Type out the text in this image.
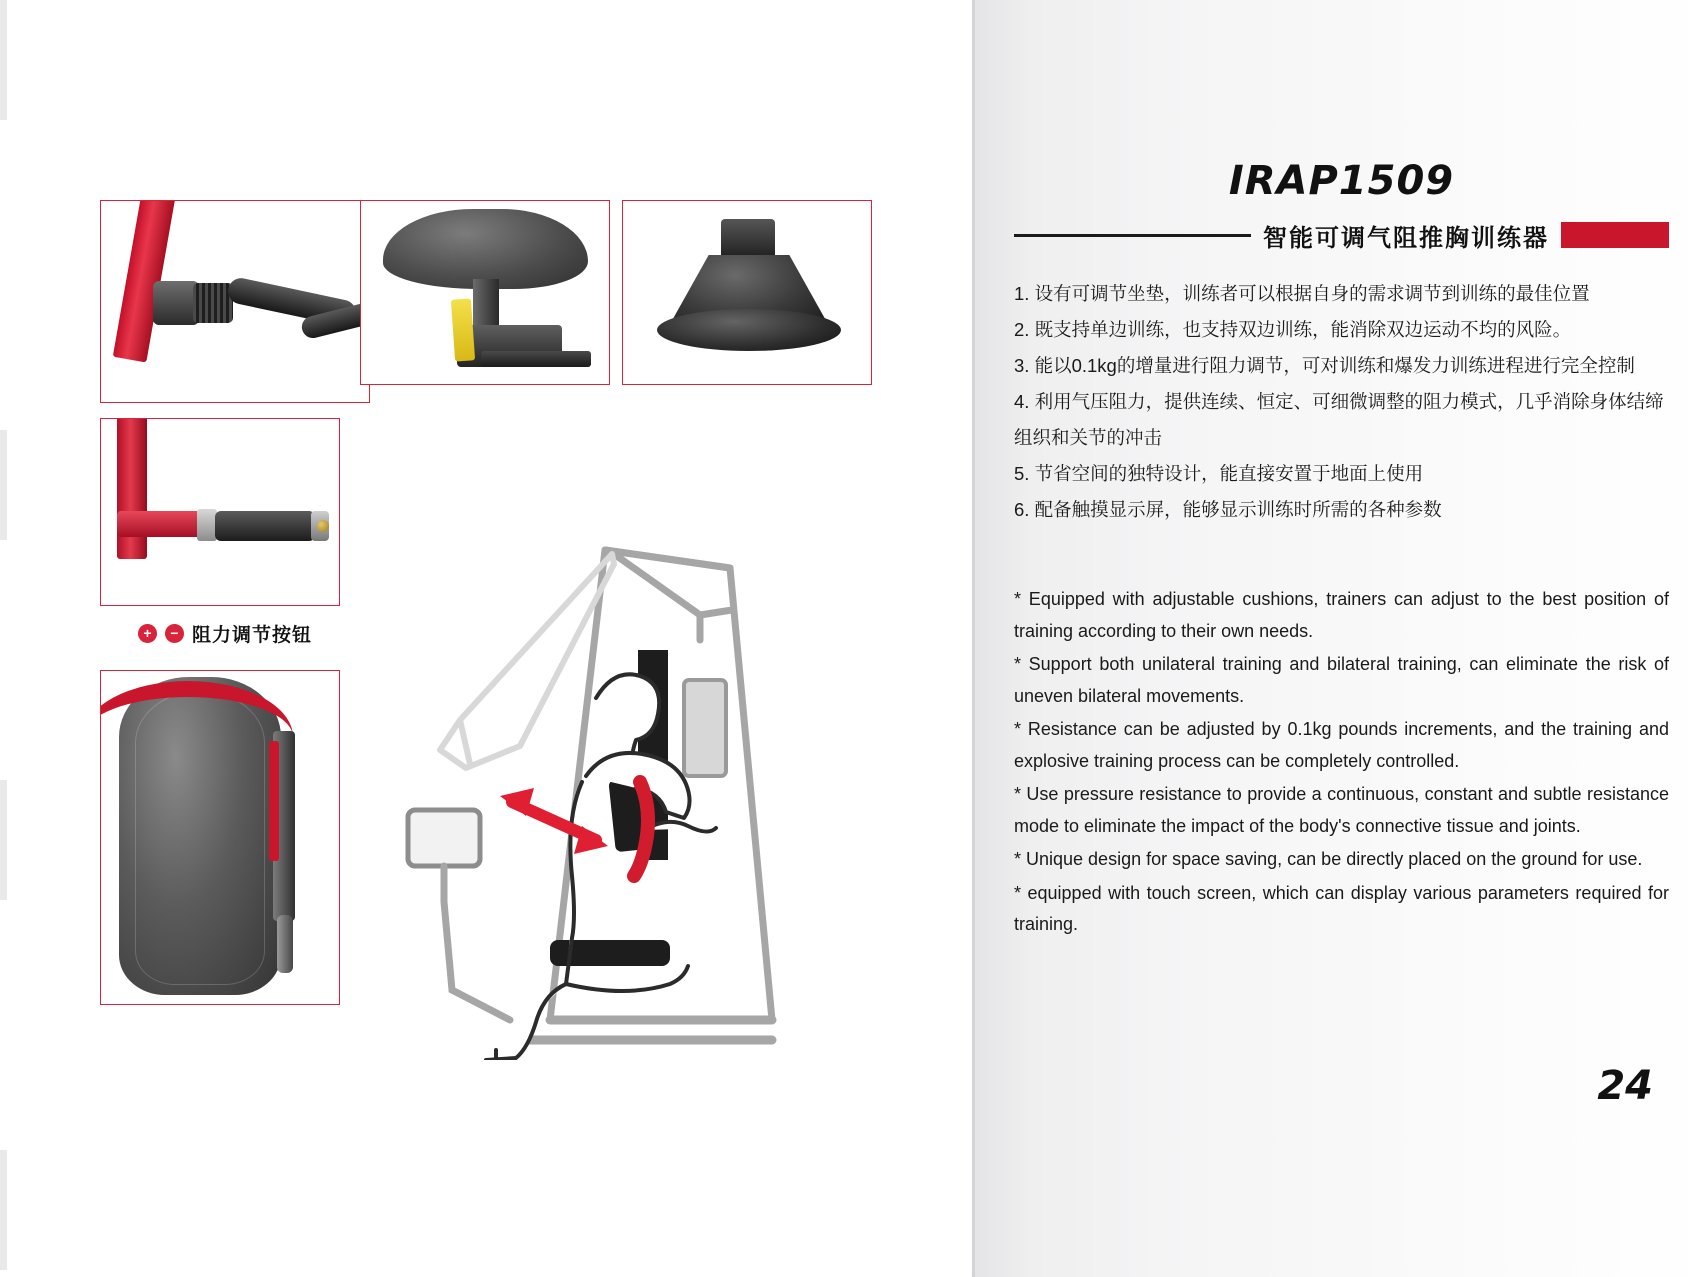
+	− 阻力调节按钮
IRAP1509
智能可调气阻推胸训练器

1. 设有可调节坐垫，训练者可以根据自身的需求调节到训练的最佳位置

2. 既支持单边训练，也支持双边训练，能消除双边运动不均的风险。

3. 能以0.1kg的增量进行阻力调节，可对训练和爆发力训练进程进行完全控制

4. 利用气压阻力，提供连续、恒定、可细微调整的阻力模式，几乎消除身体结缔组织和关节的冲击

5. 节省空间的独特设计，能直接安置于地面上使用

6. 配备触摸显示屏，能够显示训练时所需的各种参数

* Equipped with adjustable cushions, trainers can adjust to the best position of training according to their own needs.

* Support both unilateral training and bilateral training, can eliminate the risk of uneven bilateral movements.

* Resistance can be adjusted by 0.1kg pounds increments, and the training and explosive training process can be completely controlled.

* Use pressure resistance to provide a continuous, constant and subtle resistance mode to eliminate the impact of the body's connective tissue and joints.

* Unique design for space saving, can be directly placed on the ground for use.

* equipped with touch screen, which can display various parameters required for training.

24
